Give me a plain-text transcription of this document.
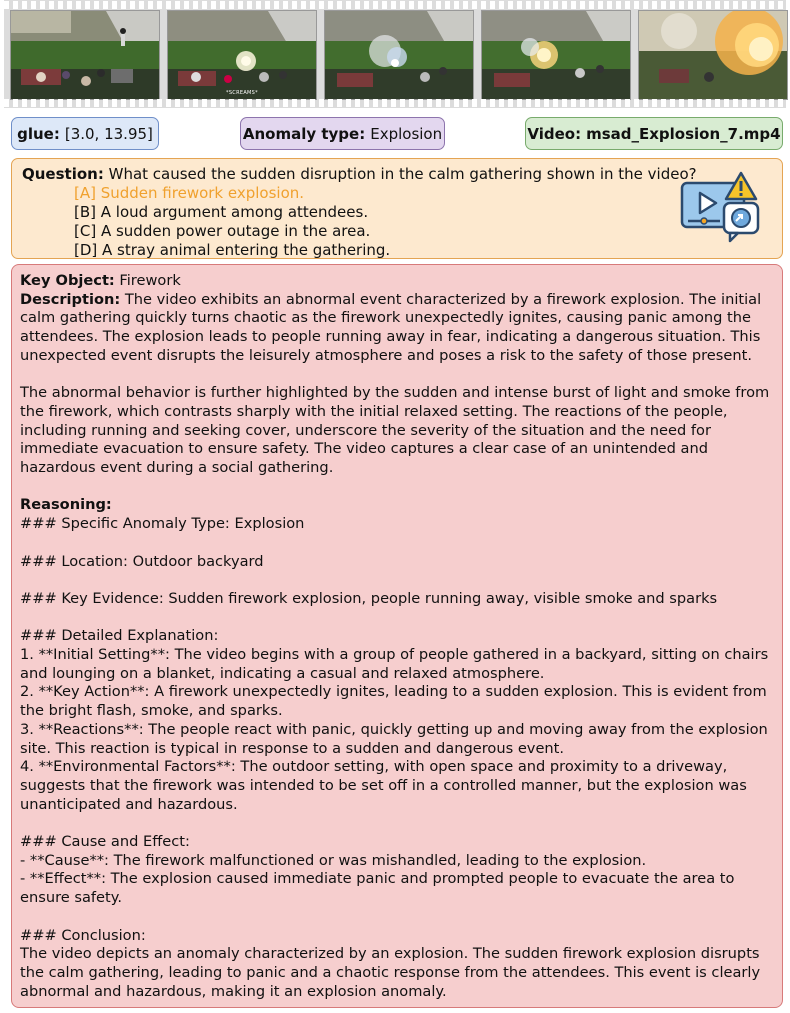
*SCREAMS*
glue: [3.0, 13.95]	Anomaly type: Explosion	Video: msad_Explosion_7.mp4
Question: What caused the sudden disruption in the calm gathering shown in the video?
[A] Sudden firework explosion.
[B] A loud argument among attendees.
[C] A sudden power outage in the area.
[D] A stray animal entering the gathering.

Key Object: Firework

Description: The video exhibits an abnormal event characterized by a firework explosion. The initial calm gathering quickly turns chaotic as the firework unexpectedly ignites, causing panic among the attendees. The explosion leads to people running away in fear, indicating a dangerous situation. This unexpected event disrupts the leisurely atmosphere and poses a risk to the safety of those present.

The abnormal behavior is further highlighted by the sudden and intense burst of light and smoke from the firework, which contrasts sharply with the initial relaxed setting. The reactions of the people, including running and seeking cover, underscore the severity of the situation and the need for immediate evacuation to ensure safety. The video captures a clear case of an unintended and hazardous event during a social gathering.

Reasoning:

### Specific Anomaly Type: Explosion

### Location: Outdoor backyard

### Key Evidence: Sudden firework explosion, people running away, visible smoke and sparks

### Detailed Explanation:

1. **Initial Setting**: The video begins with a group of people gathered in a backyard, sitting on chairs and lounging on a blanket, indicating a casual and relaxed atmosphere.

2. **Key Action**: A firework unexpectedly ignites, leading to a sudden explosion. This is evident from the bright flash, smoke, and sparks.

3. **Reactions**: The people react with panic, quickly getting up and moving away from the explosion site. This reaction is typical in response to a sudden and dangerous event.

4. **Environmental Factors**: The outdoor setting, with open space and proximity to a driveway, suggests that the firework was intended to be set off in a controlled manner, but the explosion was unanticipated and hazardous.

### Cause and Effect:

- **Cause**: The firework malfunctioned or was mishandled, leading to the explosion.

- **Effect**: The explosion caused immediate panic and prompted people to evacuate the area to ensure safety.

### Conclusion:

The video depicts an anomaly characterized by an explosion. The sudden firework explosion disrupts the calm gathering, leading to panic and a chaotic response from the attendees. This event is clearly abnormal and hazardous, making it an explosion anomaly.
